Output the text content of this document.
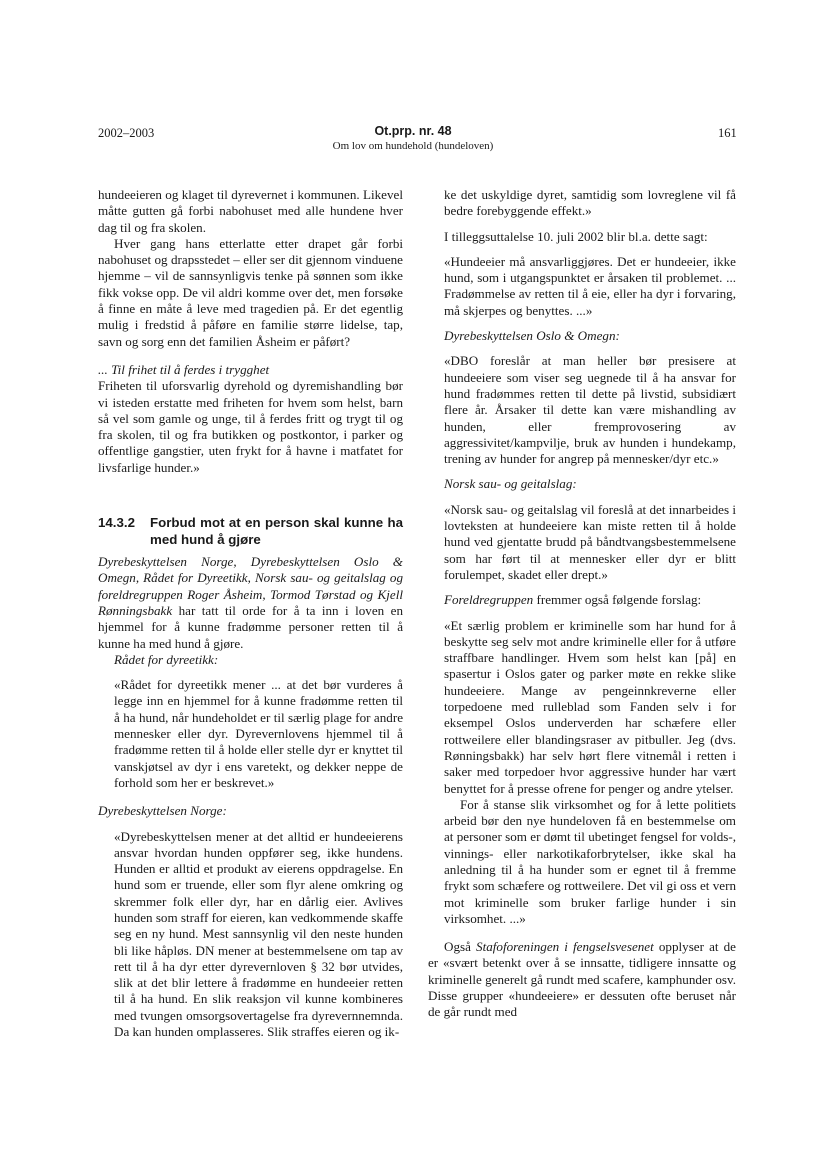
2002–2003	Ot.prp. nr. 48
Om lov om hundehold (hundeloven)
161

hundeeieren og klaget til dyrevernet i kommunen. Likevel måtte gutten gå forbi nabohuset med alle hundene hver dag til og fra skolen.

Hver gang hans etterlatte etter drapet går forbi nabohuset og drapsstedet – eller ser dit gjennom vinduene hjemme – vil de sannsynligvis tenke på sønnen som ikke fikk vokse opp. De vil aldri komme over det, men forsøke å finne en måte å leve med tragedien på. Er det egentlig mulig i fredstid å påføre en familie større lidelse, tap, savn og sorg enn det familien Åsheim er påført?

... Til frihet til å ferdes i trygghet

Friheten til uforsvarlig dyrehold og dyremishandling bør vi isteden erstatte med friheten for hvem som helst, barn så vel som gamle og unge, til å ferdes fritt og trygt til og fra skolen, til og fra butikken og postkontor, i parker og offentlige gangstier, uten frykt for å havne i matfatet for livsfarlige hunder.»

14.3.2	Forbud mot at en person skal kunne ha med hund å gjøre

Dyrebeskyttelsen Norge, Dyrebeskyttelsen Oslo & Omegn, Rådet for Dyreetikk, Norsk sau- og geitalslag og foreldregruppen Roger Åsheim, Tormod Tørstad og Kjell Rønningsbakk har tatt til orde for å ta inn i loven en hjemmel for å kunne fradømme personer retten til å kunne ha med hund å gjøre.

Rådet for dyreetikk:

«Rådet for dyreetikk mener ... at det bør vurderes å legge inn en hjemmel for å kunne fradømme retten til å ha hund, når hundeholdet er til særlig plage for andre mennesker eller dyr. Dyrevernlovens hjemmel til å fradømme retten til å holde eller stelle dyr er knyttet til vanskjøtsel av dyr i ens varetekt, og dekker neppe de forhold som her er beskrevet.»

Dyrebeskyttelsen Norge:

«Dyrebeskyttelsen mener at det alltid er hundeeierens ansvar hvordan hunden oppfører seg, ikke hundens. Hunden er alltid et produkt av eierens oppdragelse. En hund som er truende, eller som flyr alene omkring og skremmer folk eller dyr, har en dårlig eier. Avlives hunden som straff for eieren, kan vedkommende skaffe seg en ny hund. Mest sannsynlig vil den neste hunden bli like håpløs. DN mener at bestemmelsene om tap av rett til å ha dyr etter dyrevernloven § 32 bør utvides, slik at det blir lettere å fradømme en hundeeier retten til å ha hund. En slik reaksjon vil kunne kombineres med tvungen omsorgsovertagelse fra dyrevernnemnda. Da kan hunden omplasseres. Slik straffes eieren og ik-

ke det uskyldige dyret, samtidig som lovreglene vil få bedre forebyggende effekt.»

I tilleggsuttalelse 10. juli 2002 blir bl.a. dette sagt:

«Hundeeier må ansvarliggjøres. Det er hundeeier, ikke hund, som i utgangspunktet er årsaken til problemet. ... Fradømmelse av retten til å eie, eller ha dyr i forvaring, må skjerpes og benyttes. ...»

Dyrebeskyttelsen Oslo & Omegn:

«DBO foreslår at man heller bør presisere at hundeeiere som viser seg uegnede til å ha ansvar for hund fradømmes retten til dette på livstid, subsidiært flere år. Årsaker til dette kan være mishandling av hunden, eller fremprovosering av aggressivitet/kampvilje, bruk av hunden i hundekamp, trening av hunder for angrep på mennesker/dyr etc.»

Norsk sau- og geitalslag:

«Norsk sau- og geitalslag vil foreslå at det innarbeides i lovteksten at hundeeiere kan miste retten til å holde hund ved gjentatte brudd på båndtvangsbestemmelsene som har ført til at mennesker eller dyr er blitt forulempet, skadet eller drept.»

Foreldregruppen fremmer også følgende forslag:

«Et særlig problem er kriminelle som har hund for å beskytte seg selv mot andre kriminelle eller for å utføre straffbare handlinger. Hvem som helst kan [på] en spasertur i Oslos gater og parker møte en rekke slike hundeeiere. Mange av pengeinnkreverne eller torpedoene med rulleblad som Fanden selv i for eksempel Oslos underverden har schæfere eller rottweilere eller blandingsraser av pitbuller. Jeg (dvs. Rønningsbakk) har selv hørt flere vitnemål i retten i saker med torpedoer hvor aggressive hunder har vært benyttet for å presse ofrene for penger og andre ytelser.

For å stanse slik virksomhet og for å lette politiets arbeid bør den nye hundeloven få en bestemmelse om at personer som er dømt til ubetinget fengsel for volds-, vinnings- eller narkotikaforbrytelser, ikke skal ha anledning til å ha hunder som er egnet til å fremme frykt som schæfere og rottweilere. Det vil gi oss et vern mot kriminelle som bruker farlige hunder i sin virksomhet. ...»

Også Stafoforeningen i fengselsvesenet opplyser at de er «svært betenkt over å se innsatte, tidligere innsatte og kriminelle generelt gå rundt med scafere, kamphunder osv. Disse grupper «hundeeiere» er dessuten ofte beruset når de går rundt med
